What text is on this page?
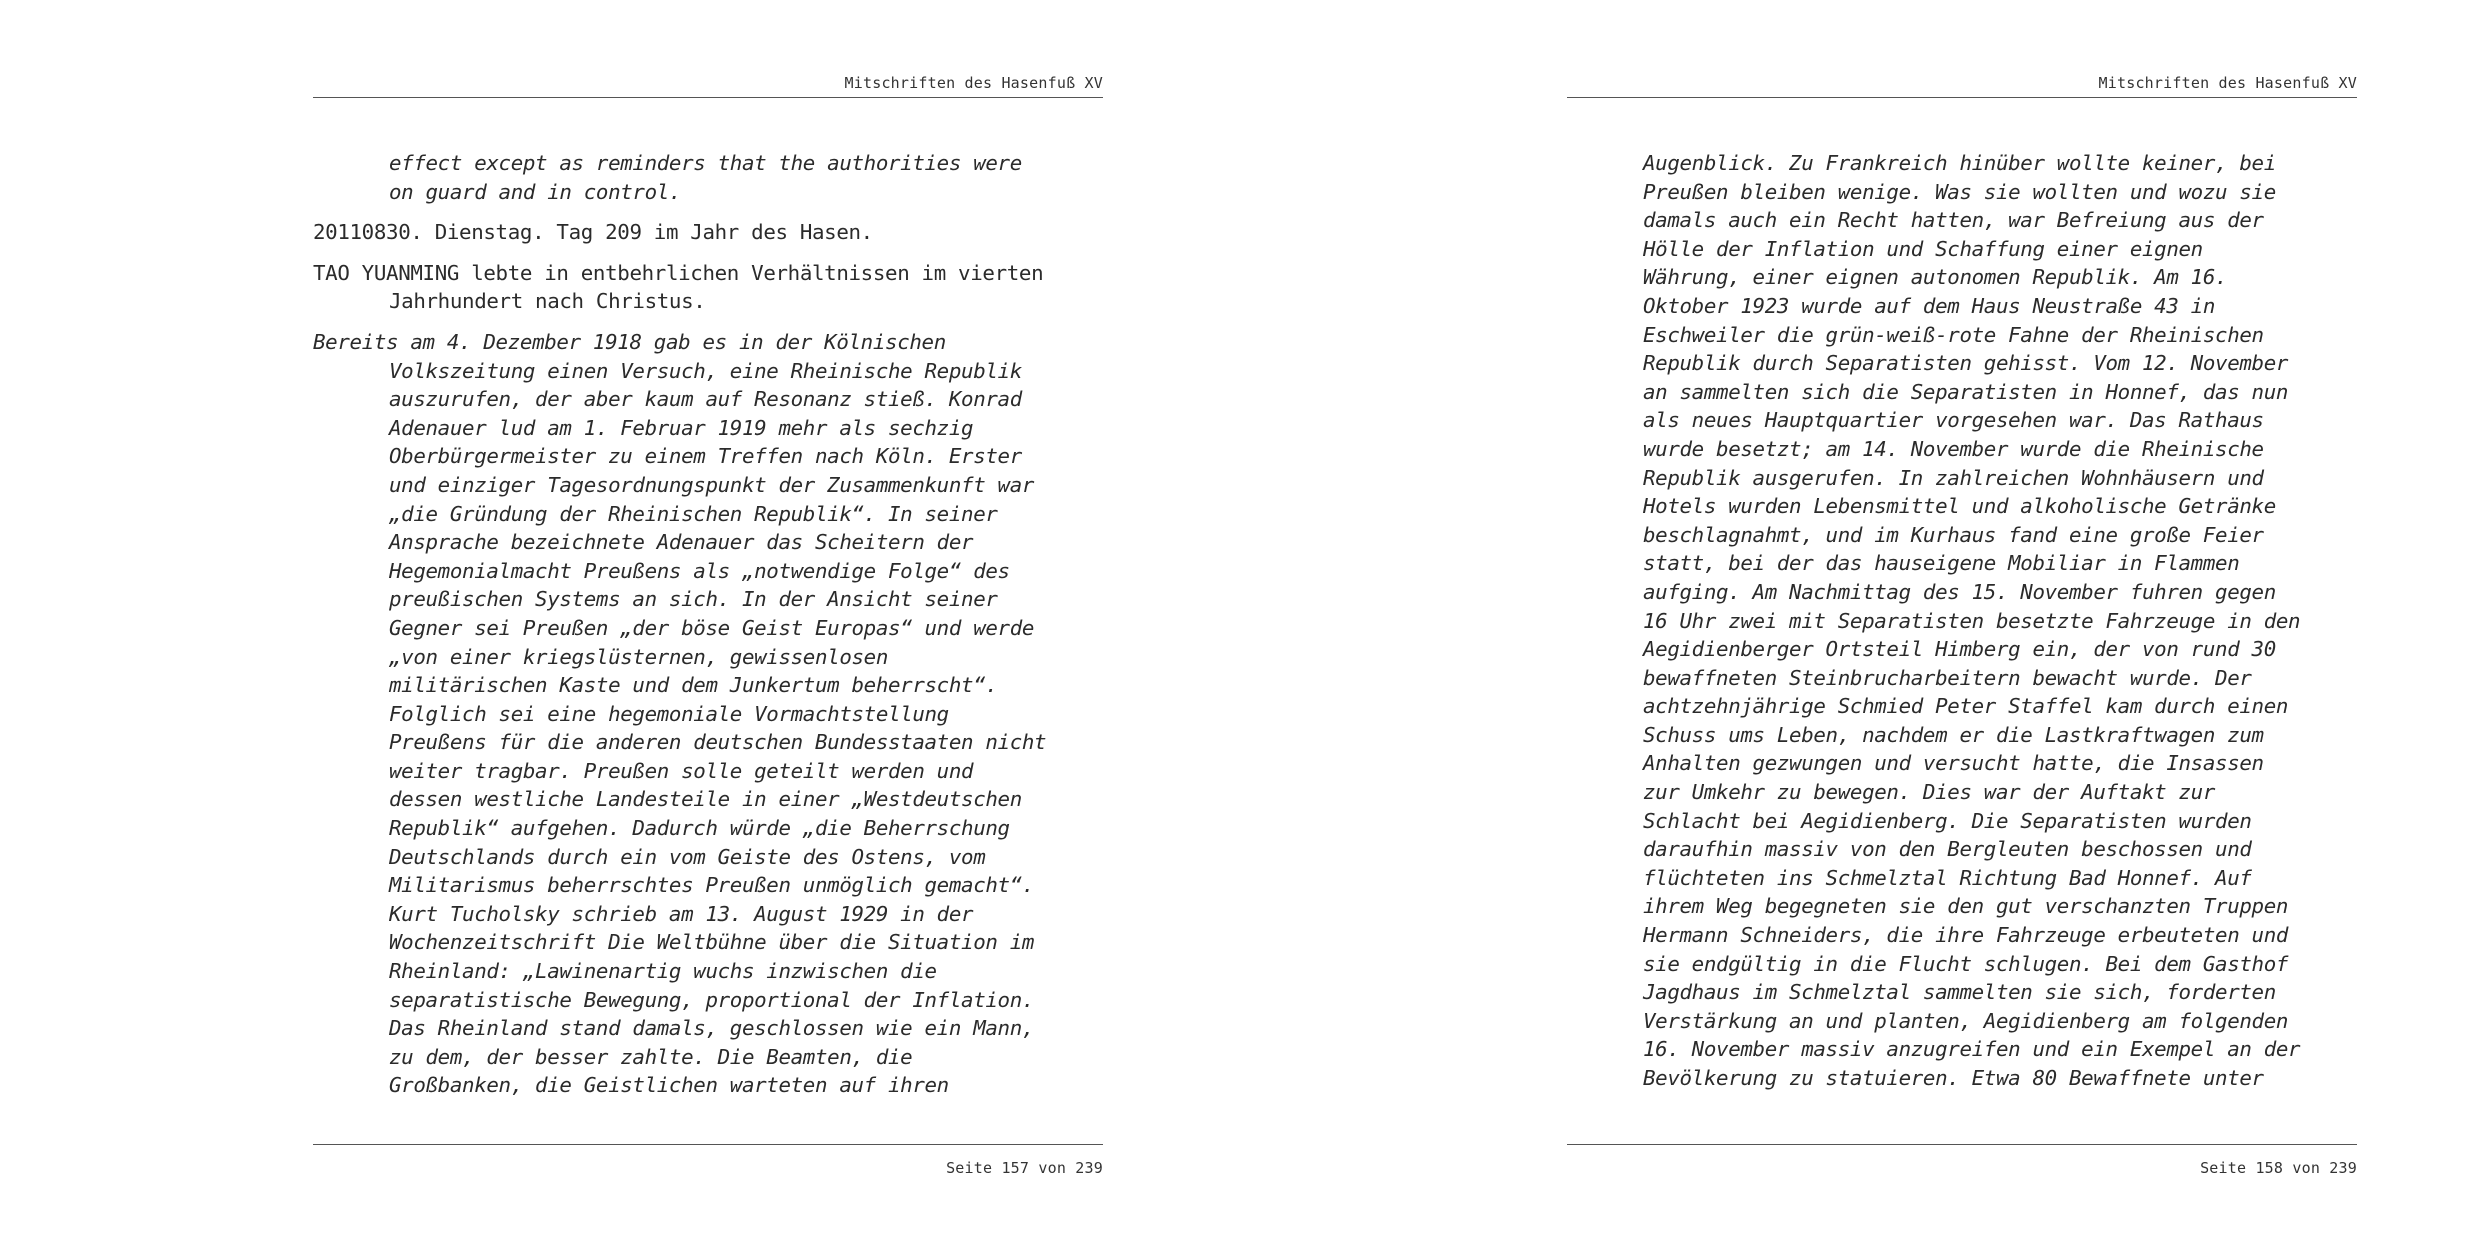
Mitschriften des Hasenfuß XV

effect except as reminders that the authorities were
on guard and in control.

20110830. Dienstag. Tag 209 im Jahr des Hasen.

TAO YUANMING lebte in entbehrlichen Verhältnissen im vierten
Jahrhundert nach Christus.

Bereits am 4. Dezember 1918 gab es in der Kölnischen
Volkszeitung einen Versuch, eine Rheinische Republik
auszurufen, der aber kaum auf Resonanz stieß. Konrad
Adenauer lud am 1. Februar 1919 mehr als sechzig
Oberbürgermeister zu einem Treffen nach Köln. Erster
und einziger Tagesordnungspunkt der Zusammenkunft war
„die Gründung der Rheinischen Republik“. In seiner
Ansprache bezeichnete Adenauer das Scheitern der
Hegemonialmacht Preußens als „notwendige Folge“ des
preußischen Systems an sich. In der Ansicht seiner
Gegner sei Preußen „der böse Geist Europas“ und werde
„von einer kriegslüsternen, gewissenlosen
militärischen Kaste und dem Junkertum beherrscht“.
Folglich sei eine hegemoniale Vormachtstellung
Preußens für die anderen deutschen Bundesstaaten nicht
weiter tragbar. Preußen solle geteilt werden und
dessen westliche Landesteile in einer „Westdeutschen
Republik“ aufgehen. Dadurch würde „die Beherrschung
Deutschlands durch ein vom Geiste des Ostens, vom
Militarismus beherrschtes Preußen unmöglich gemacht“.
Kurt Tucholsky schrieb am 13. August 1929 in der
Wochenzeitschrift Die Weltbühne über die Situation im
Rheinland: „Lawinenartig wuchs inzwischen die
separatistische Bewegung, proportional der Inflation.
Das Rheinland stand damals, geschlossen wie ein Mann,
zu dem, der besser zahlte. Die Beamten, die
Großbanken, die Geistlichen warteten auf ihren

Seite 157 von 239
Mitschriften des Hasenfuß XV

Augenblick. Zu Frankreich hinüber wollte keiner, bei
Preußen bleiben wenige. Was sie wollten und wozu sie
damals auch ein Recht hatten, war Befreiung aus der
Hölle der Inflation und Schaffung einer eignen
Währung, einer eignen autonomen Republik. Am 16.
Oktober 1923 wurde auf dem Haus Neustraße 43 in
Eschweiler die grün-weiß-rote Fahne der Rheinischen
Republik durch Separatisten gehisst. Vom 12. November
an sammelten sich die Separatisten in Honnef, das nun
als neues Hauptquartier vorgesehen war. Das Rathaus
wurde besetzt; am 14. November wurde die Rheinische
Republik ausgerufen. In zahlreichen Wohnhäusern und
Hotels wurden Lebensmittel und alkoholische Getränke
beschlagnahmt, und im Kurhaus fand eine große Feier
statt, bei der das hauseigene Mobiliar in Flammen
aufging. Am Nachmittag des 15. November fuhren gegen
16 Uhr zwei mit Separatisten besetzte Fahrzeuge in den
Aegidienberger Ortsteil Himberg ein, der von rund 30
bewaffneten Steinbrucharbeitern bewacht wurde. Der
achtzehnjährige Schmied Peter Staffel kam durch einen
Schuss ums Leben, nachdem er die Lastkraftwagen zum
Anhalten gezwungen und versucht hatte, die Insassen
zur Umkehr zu bewegen. Dies war der Auftakt zur
Schlacht bei Aegidienberg. Die Separatisten wurden
daraufhin massiv von den Bergleuten beschossen und
flüchteten ins Schmelztal Richtung Bad Honnef. Auf
ihrem Weg begegneten sie den gut verschanzten Truppen
Hermann Schneiders, die ihre Fahrzeuge erbeuteten und
sie endgültig in die Flucht schlugen. Bei dem Gasthof
Jagdhaus im Schmelztal sammelten sie sich, forderten
Verstärkung an und planten, Aegidienberg am folgenden
16. November massiv anzugreifen und ein Exempel an der
Bevölkerung zu statuieren. Etwa 80 Bewaffnete unter

Seite 158 von 239
